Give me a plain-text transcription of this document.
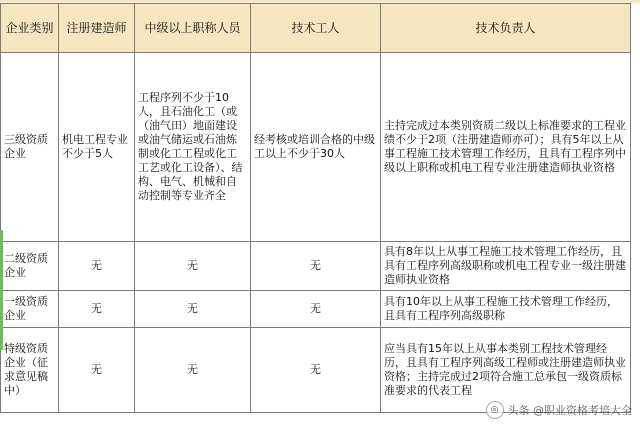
企业类别	注册建造师	中级以上职称人员	技术工人	技术负责人
三级资质企业	机电工程专业不少于5人	工程序列不少于10人，且石油化工（或（油气田）地面建设或油气储运或石油炼制或化工工程或化工工艺或化工设备）、结构、电气、机械和自动控制等专业齐全	经考核或培训合格的中级工以上不少于30人	主持完成过本类别资质二级以上标准要求的工程业绩不少于2项（注册建造师亦可）；具有5年以上从事工程施工技术管理工作经历，且具有工程序列中级以上职称或机电工程专业注册建造师执业资格
二级资质企业	无	无	无	具有8年以上从事工程施工技术管理工作经历，且具有工程序列高级职称或机电工程专业一级注册建造师执业资格
一级资质企业	无	无	无	具有10年以上从事工程施工技术管理工作经历，且具有工程序列高级职称
特级资质企业（征求意见稿中）	无	无	无	应当具有15年以上从事本类别工程技术管理经历，且具有工程序列高级工程师或注册建造师执业资格；主持完成过2项符合施工总承包一级资质标准要求的代表工程
◎ 头条 @职业资格考培大全
